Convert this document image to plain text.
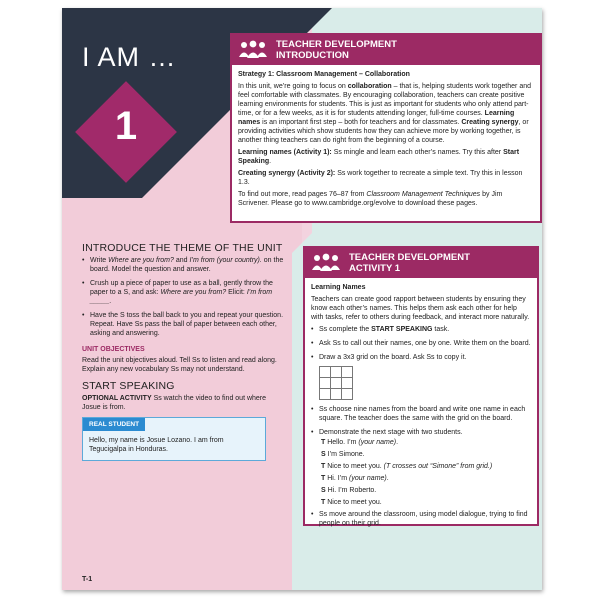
I AM …
1
TEACHER DEVELOPMENT
INTRODUCTION

Strategy 1: Classroom Management – Collaboration

In this unit, we’re going to focus on collaboration – that is, helping students work together and feel comfortable with classmates. By encouraging collaboration, teachers can create positive learning environments for students. This is just as important for students who only attend part-time, or for a few weeks, as it is for students attending longer, full-time courses. Learning names is an important first step – both for teachers and for classmates. Creating synergy, or providing activities which show students how they can achieve more by working together, is another thing teachers can do right from the beginning of a course.

Learning names (Activity 1): Ss mingle and learn each other’s names. Try this after Start Speaking.

Creating synergy (Activity 2): Ss work together to recreate a simple text. Try this in lesson 1.3.

To find out more, read pages 76–87 from Classroom Management Techniques by Jim Scrivener. Please go to www.cambridge.org/evolve to download these pages.

INTRODUCE THE THEME OF THE UNIT
• Write Where are you from? and I’m from (your country). on the board. Model the question and answer.
• Crush up a piece of paper to use as a ball, gently throw the paper to a S, and ask: Where are you from? Elicit: I’m from _____.
• Have the S toss the ball back to you and repeat your question. Repeat. Have Ss pass the ball of paper between each other, asking and answering.
UNIT OBJECTIVES
Read the unit objectives aloud. Tell Ss to listen and read along. Explain any new vocabulary Ss may not understand.
START SPEAKING
OPTIONAL ACTIVITY Ss watch the video to find out where Josue is from.
REAL STUDENT
Hello, my name is Josue Lozano. I am from Tegucigalpa in Honduras.
TEACHER DEVELOPMENT
ACTIVITY 1

Learning Names

Teachers can create good rapport between students by ensuring they know each other’s names. This helps them ask each other for help with tasks, refer to others during feedback, and interact more naturally.

• Ss complete the START SPEAKING task.
• Ask Ss to call out their names, one by one. Write them on the board.
• Draw a 3x3 grid on the board. Ask Ss to copy it.
• Ss choose nine names from the board and write one name in each square. The teacher does the same with the grid on the board.
• Demonstrate the next stage with two students.

T Hello. I’m (your name).

S I’m Simone.

T Nice to meet you. (T crosses out “Simone” from grid.)

T Hi. I’m (your name).

S Hi. I’m Roberto.

T Nice to meet you.

• Ss move around the classroom, using model dialogue, trying to find people on their grid.
T-1
